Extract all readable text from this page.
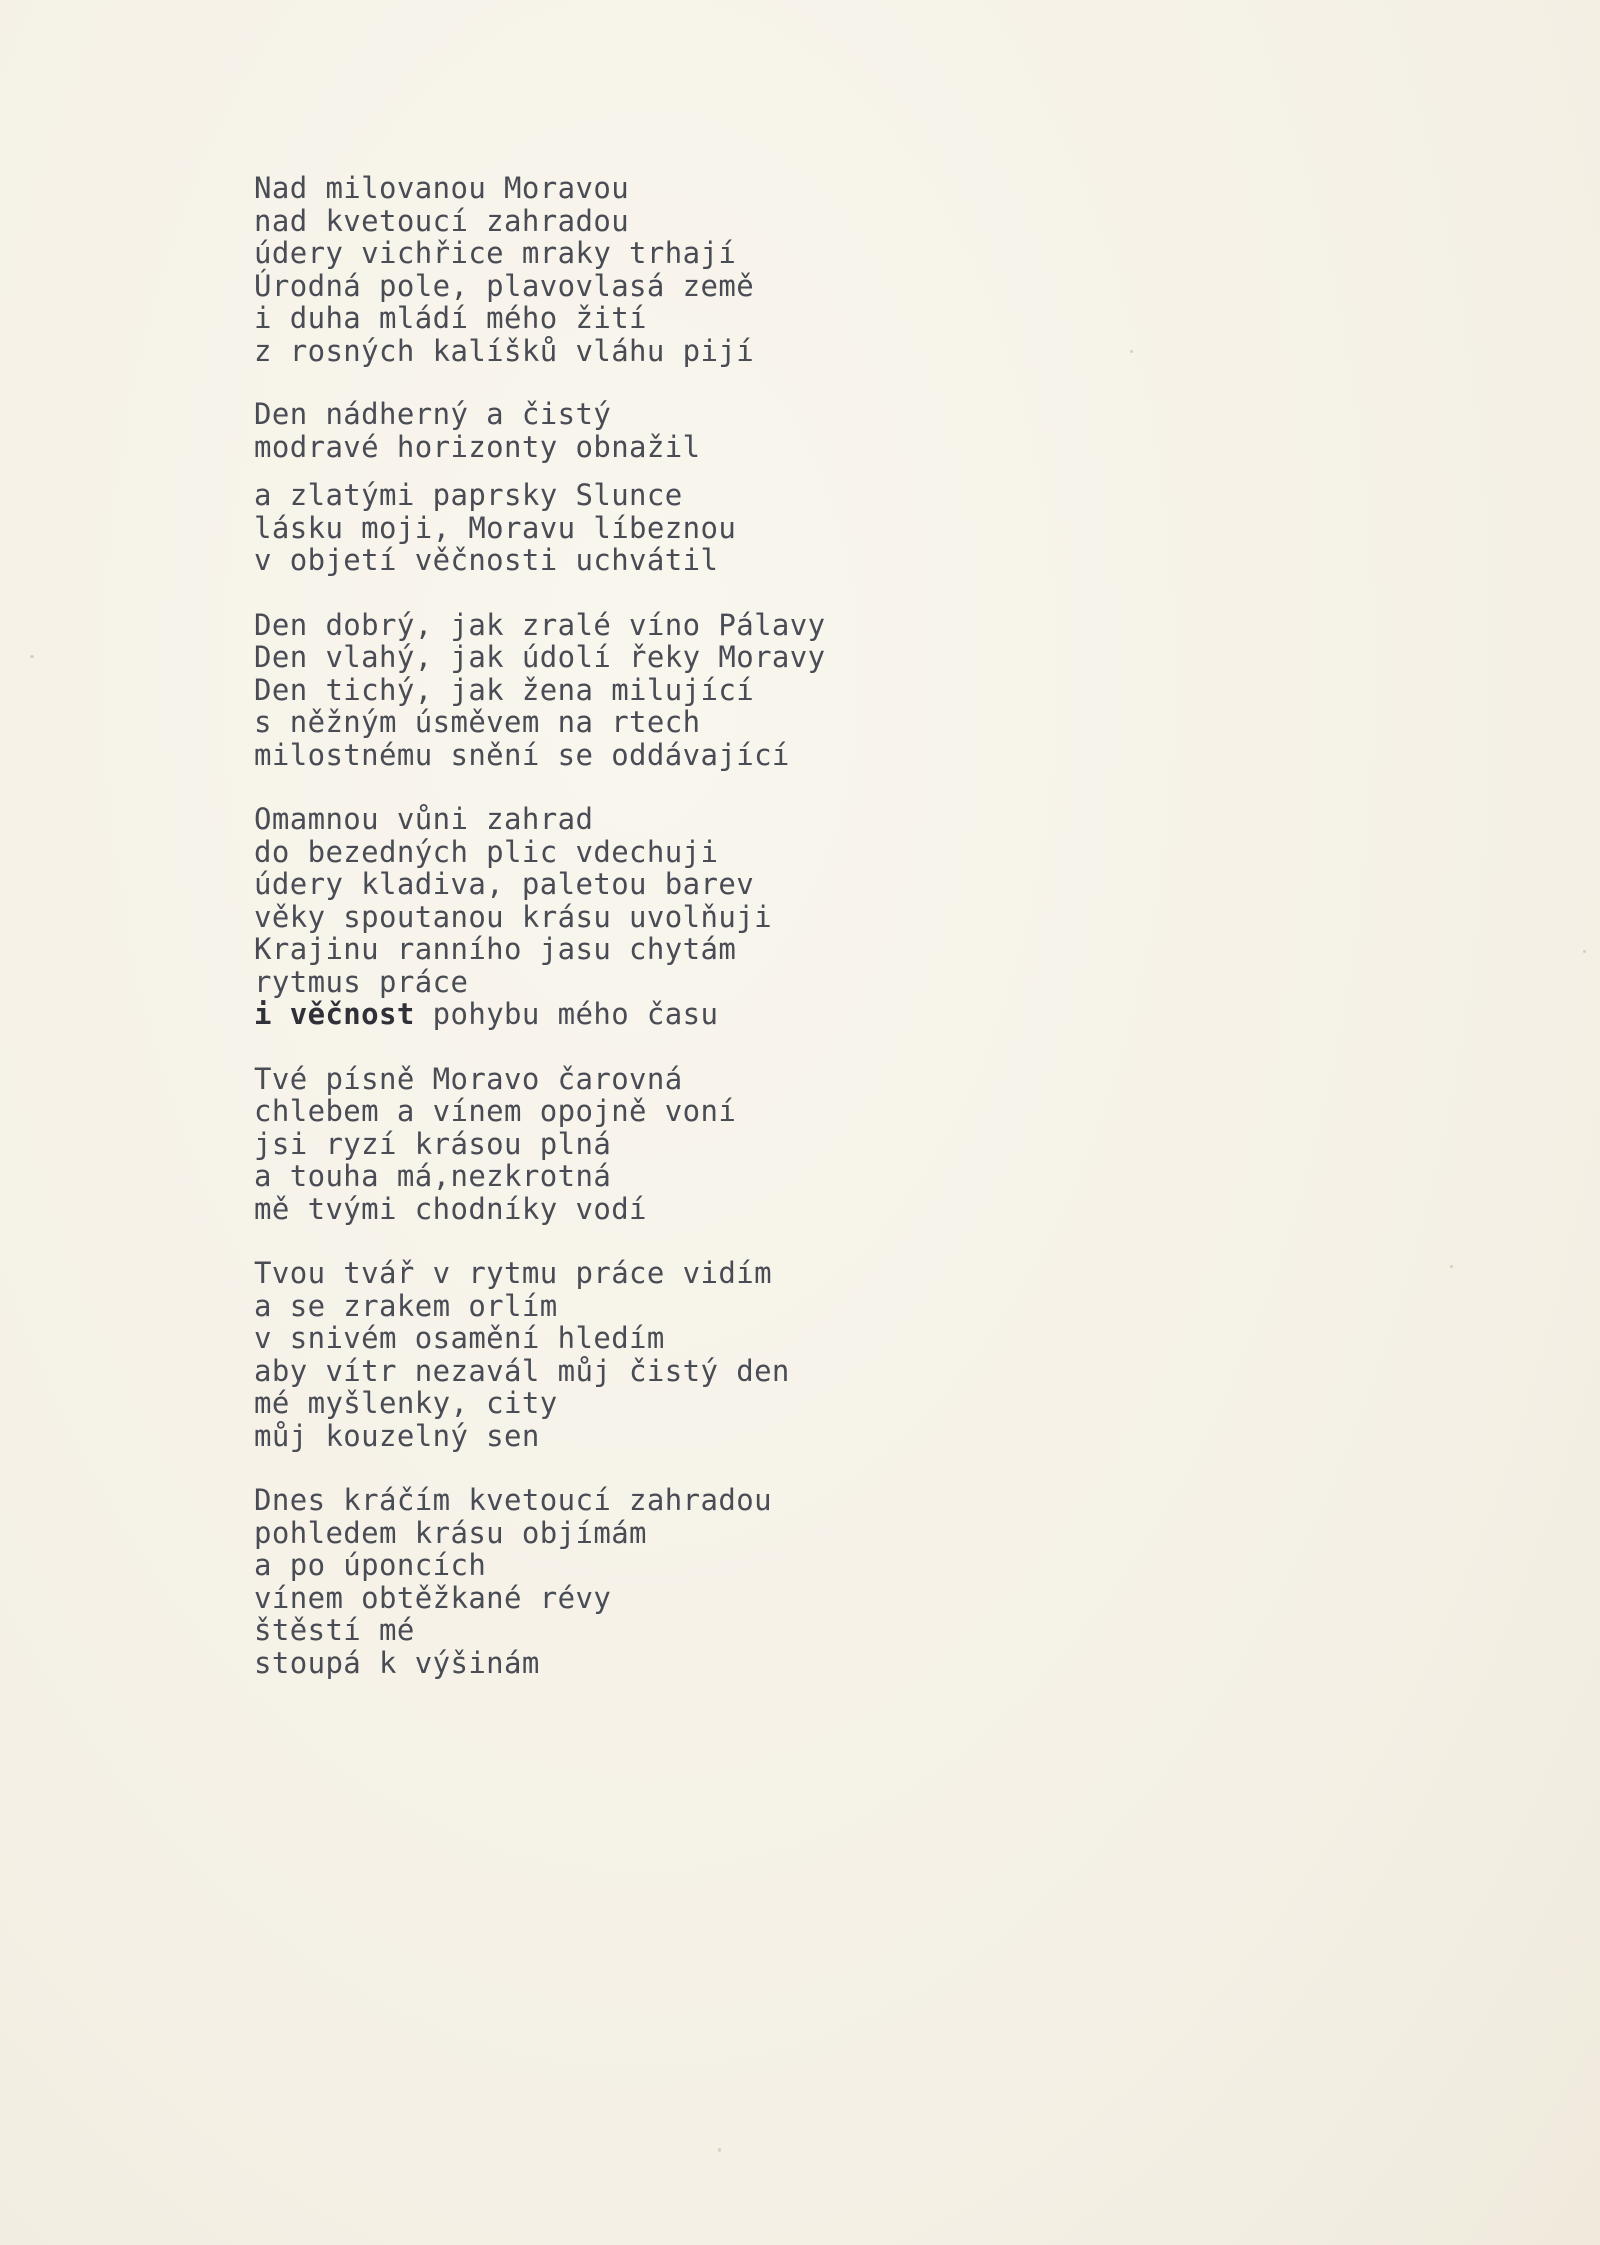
Nad milovanou Moravou
nad kvetoucí zahradou
údery vichřice mraky trhají
Úrodná pole, plavovlasá země
i duha mládí mého žití
z rosných kalíšků vláhu pijí
Den nádherný a čistý
modravé horizonty obnažil
a zlatými paprsky Slunce
lásku moji, Moravu líbeznou
v objetí věčnosti uchvátil
Den dobrý, jak zralé víno Pálavy
Den vlahý, jak údolí řeky Moravy
Den tichý, jak žena milující
s něžným úsměvem na rtech
milostnému snění se oddávající
Omamnou vůni zahrad
do bezedných plic vdechuji
údery kladiva, paletou barev
věky spoutanou krásu uvolňuji
Krajinu ranního jasu chytám
rytmus práce
i věčnost pohybu mého času
Tvé písně Moravo čarovná
chlebem a vínem opojně voní
jsi ryzí krásou plná
a touha má,nezkrotná
mě tvými chodníky vodí
Tvou tvář v rytmu práce vidím
a se zrakem orlím
v snivém osamění hledím
aby vítr nezavál můj čistý den
mé myšlenky, city
můj kouzelný sen
Dnes kráčím kvetoucí zahradou
pohledem krásu objímám
a po úponcích
vínem obtěžkané révy
štěstí mé
stoupá k výšinám
